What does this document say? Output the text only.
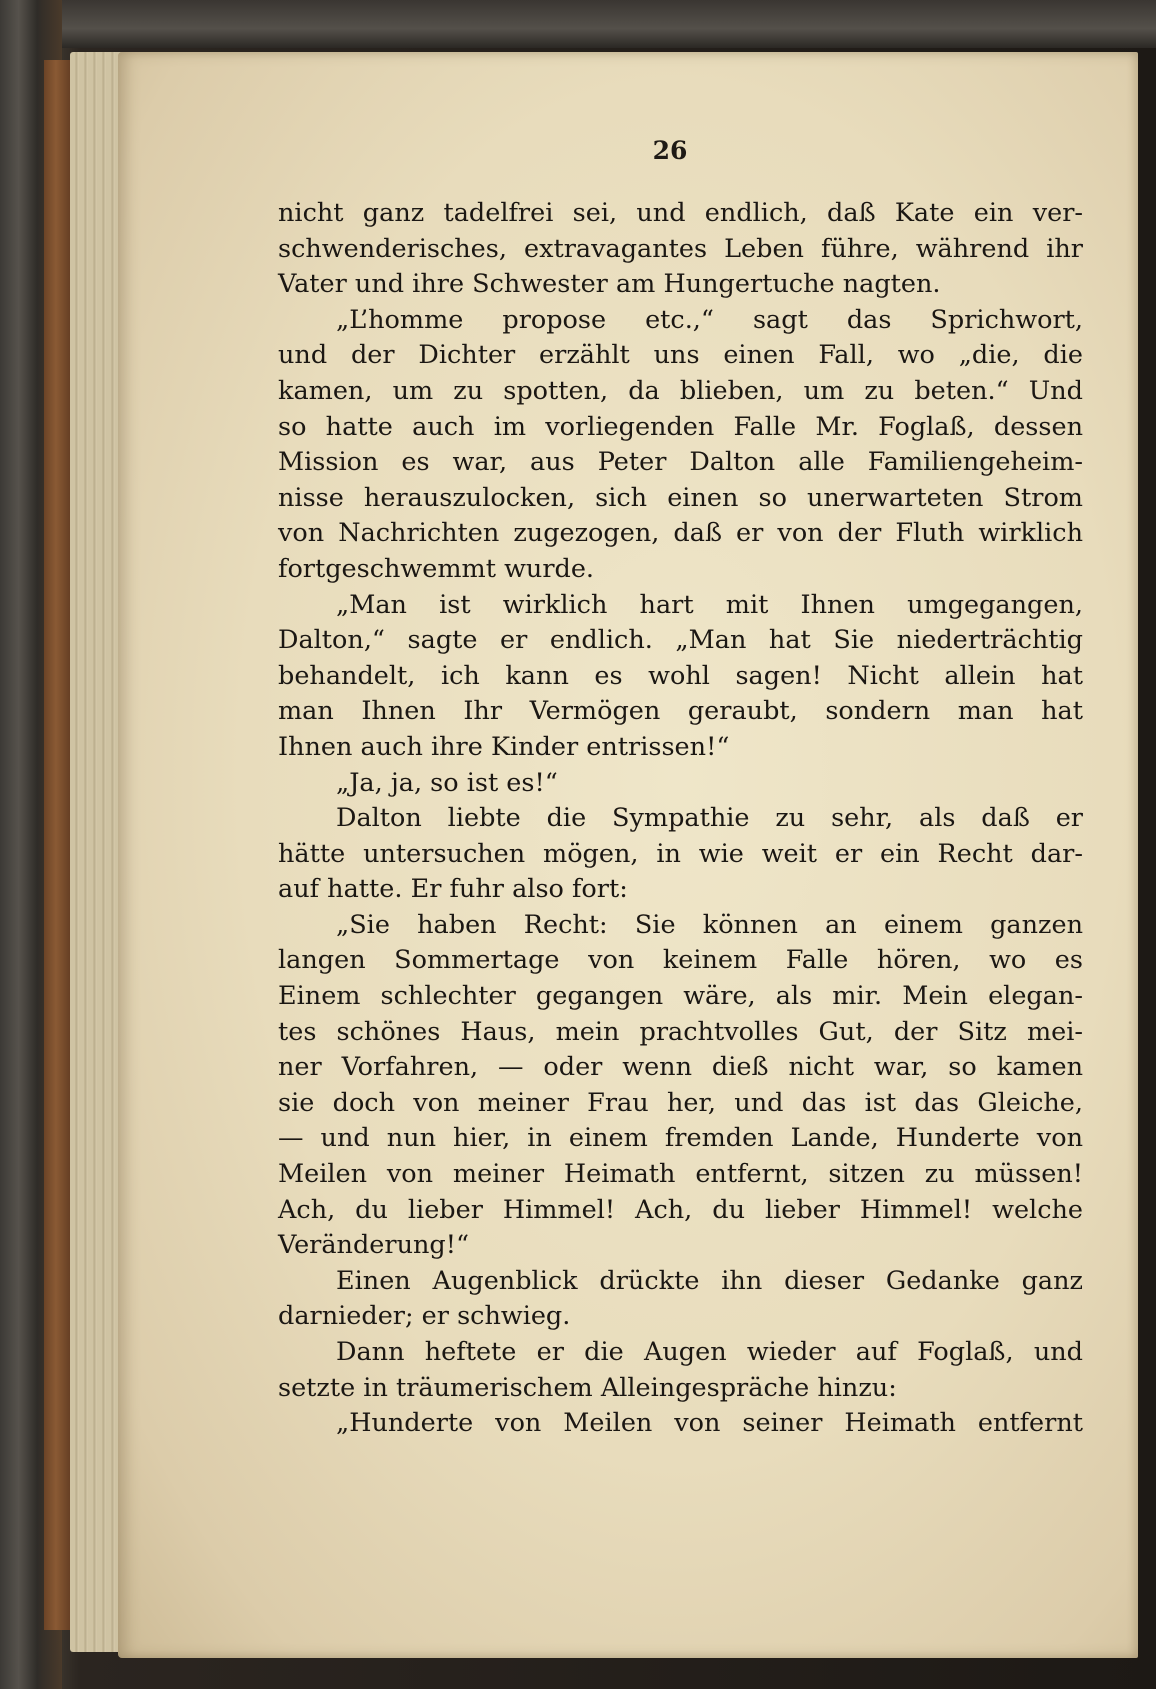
26
nicht ganz tadelfrei sei, und endlich, daß Kate ein ver-
schwenderisches, extravagantes Leben führe, während ihr
Vater und ihre Schwester am Hungertuche nagten.
„L’homme propose etc.,“ sagt das Sprichwort,
und der Dichter erzählt uns einen Fall, wo „die, die
kamen, um zu spotten, da blieben, um zu beten.“ Und
so hatte auch im vorliegenden Falle Mr. Foglaß, dessen
Mission es war, aus Peter Dalton alle Familiengeheim-
nisse herauszulocken, sich einen so unerwarteten Strom
von Nachrichten zugezogen, daß er von der Fluth wirklich
fortgeschwemmt wurde.
„Man ist wirklich hart mit Ihnen umgegangen,
Dalton,“ sagte er endlich. „Man hat Sie niederträchtig
behandelt, ich kann es wohl sagen! Nicht allein hat
man Ihnen Ihr Vermögen geraubt, sondern man hat
Ihnen auch ihre Kinder entrissen!“
„Ja, ja, so ist es!“
Dalton liebte die Sympathie zu sehr, als daß er
hätte untersuchen mögen, in wie weit er ein Recht dar-
auf hatte. Er fuhr also fort:
„Sie haben Recht: Sie können an einem ganzen
langen Sommertage von keinem Falle hören, wo es
Einem schlechter gegangen wäre, als mir. Mein elegan-
tes schönes Haus, mein prachtvolles Gut, der Sitz mei-
ner Vorfahren, — oder wenn dieß nicht war, so kamen
sie doch von meiner Frau her, und das ist das Gleiche,
— und nun hier, in einem fremden Lande, Hunderte von
Meilen von meiner Heimath entfernt, sitzen zu müssen!
Ach, du lieber Himmel! Ach, du lieber Himmel! welche
Veränderung!“
Einen Augenblick drückte ihn dieser Gedanke ganz
darnieder; er schwieg.
Dann heftete er die Augen wieder auf Foglaß, und
setzte in träumerischem Alleingespräche hinzu:
„Hunderte von Meilen von seiner Heimath entfernt
